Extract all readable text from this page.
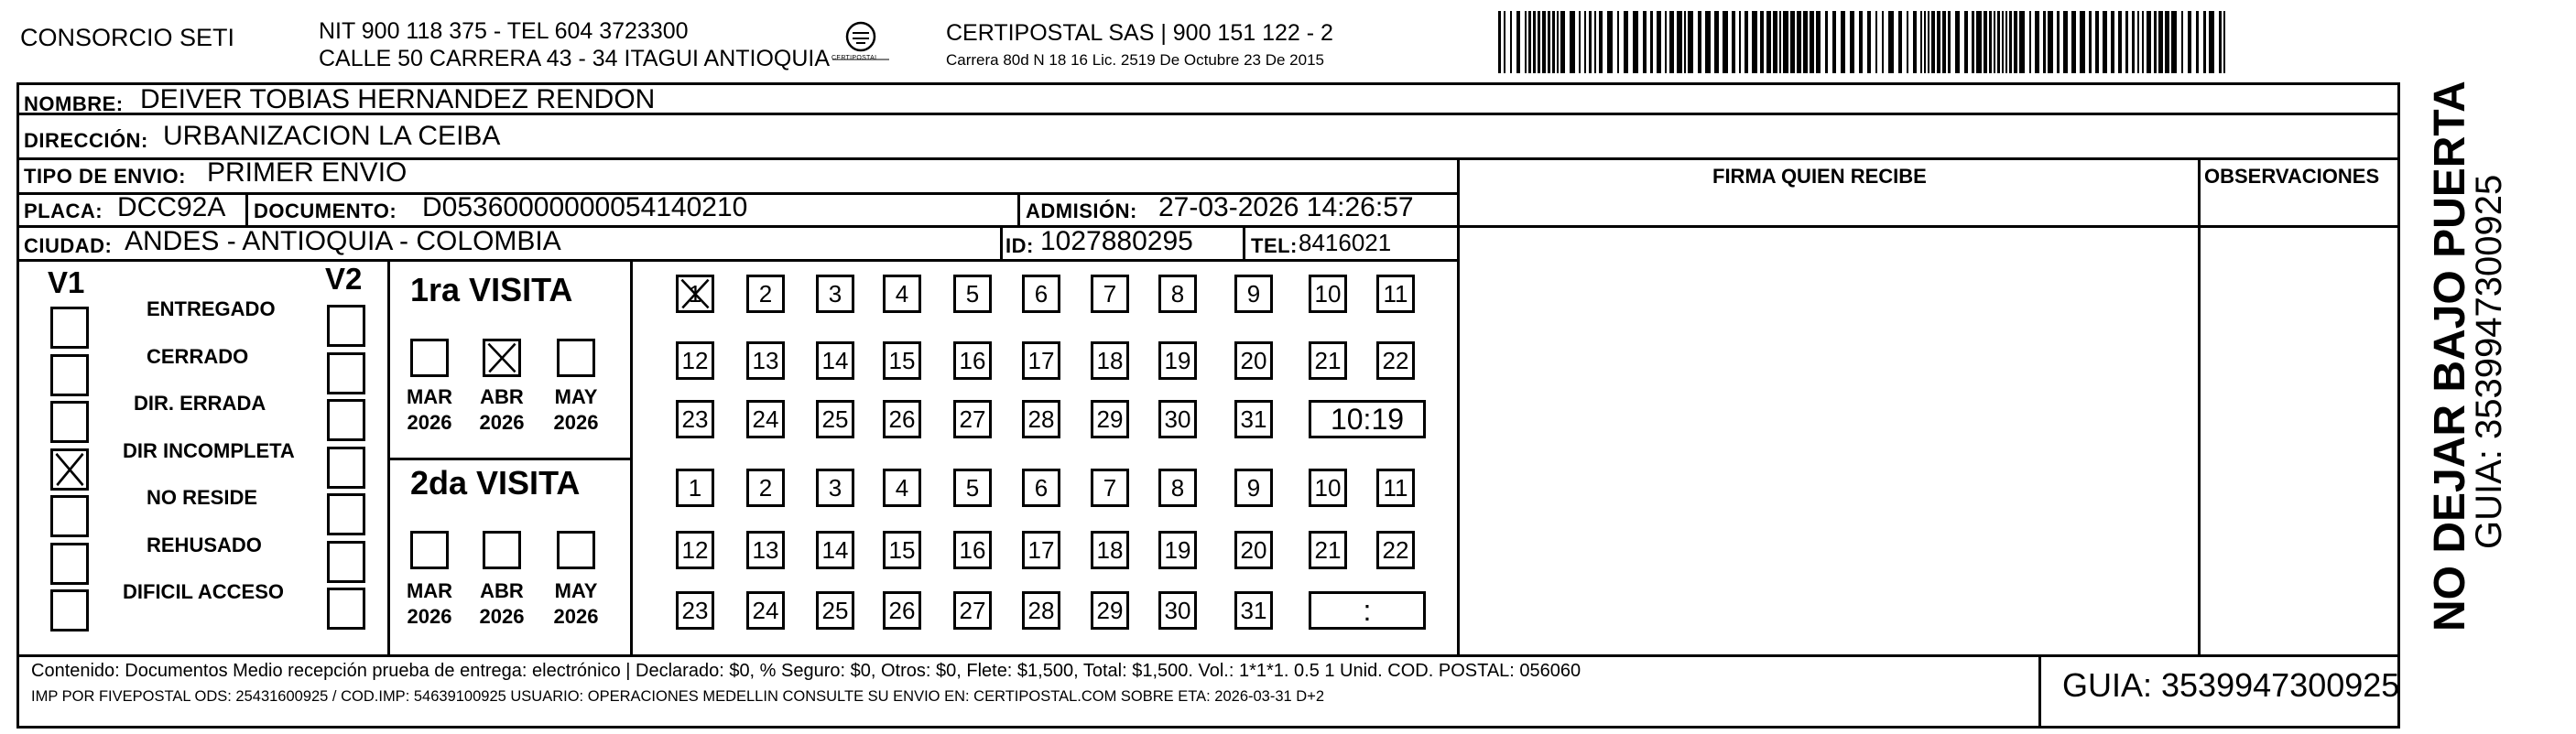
CONSORCIO SETI	NIT 900 118 375 - TEL 604 3723300
CALLE 50 CARRERA 43 - 34 ITAGUI ANTIOQUIA CERTIPOSTAL
CERTIPOSTAL SAS | 900 151 122 - 2
Carrera 80d N 18 16 Lic. 2519 De Octubre 23 De 2015
NOMBRE: DEIVER TOBIAS HERNANDEZ RENDON
DIRECCIÓN: URBANIZACION LA CEIBA
TIPO DE ENVIO: PRIMER ENVIO	FIRMA QUIEN RECIBE	OBSERVACIONES
PLACA: DCC92A DOCUMENTO: D05360000000054140210	ADMISIÓN: 27-03-2026 14:26:57
CIUDAD: ANDES - ANTIOQUIA - COLOMBIA	ID: 1027880295	TEL: 8416021
V1	V2
ENTREGADO
CERRADO
DIR. ERRADA
DIR INCOMPLETA
NO RESIDE
REHUSADO
DIFICIL ACCESO
1ra VISITA
MAR
2026
ABR
2026
MAY
2026
1	2	3	4	5	6	7	8	9	10 11
12 13 14 15 16 17 18 19 20 21 22
23 24 25 26 27 28 29 30 31	10:19
2da VISITA
MAR
2026
ABR
2026
MAY
2026
1	2	3	4	5	6	7	8	9	10 11
12 13 14 15 16 17 18 19 20 21 22
23 24 25 26 27 28 29 30 31	:
Contenido: Documentos Medio recepción prueba de entrega: electrónico | Declarado: $0, % Seguro: $0, Otros: $0, Flete: $1,500, Total: $1,500. Vol.: 1*1*1. 0.5 1 Unid. COD. POSTAL: 056060
IMP POR FIVEPOSTAL ODS: 25431600925 / COD.IMP: 54639100925 USUARIO: OPERACIONES MEDELLIN CONSULTE SU ENVIO EN: CERTIPOSTAL.COM SOBRE ETA: 2026-03-31 D+2	GUIA: 3539947300925
NO DEJAR BAJO PUERTA
GUIA: 3539947300925
